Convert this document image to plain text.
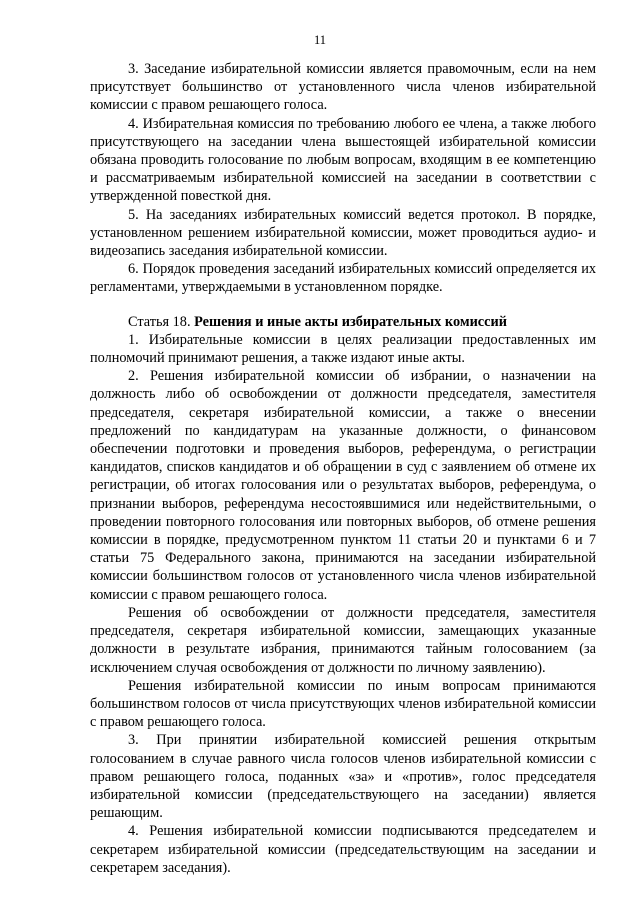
11

3. Заседание избирательной комиссии является правомочным, если на нем присутствует большинство от установленного числа членов избирательной комиссии с правом решающего голоса.

4. Избирательная комиссия по требованию любого ее члена, а также любого присутствующего на заседании члена вышестоящей избирательной комиссии обязана проводить голосование по любым вопросам, входящим в ее компетенцию и рассматриваемым избирательной комиссией на заседании в соответствии с утвержденной повесткой дня.

5. На заседаниях избирательных комиссий ведется протокол. В порядке, установленном решением избирательной комиссии, может проводиться аудио- и видеозапись заседания избирательной комиссии.

6. Порядок проведения заседаний избирательных комиссий определяется их регламентами, утверждаемыми в установленном порядке.

Статья 18. Решения и иные акты избирательных комиссий

1. Избирательные комиссии в целях реализации предоставленных им полномочий принимают решения, а также издают иные акты.

2. Решения избирательной комиссии об избрании, о назначении на должность либо об освобождении от должности председателя, заместителя председателя, секретаря избирательной комиссии, а также о внесении предложений по кандидатурам на указанные должности, о финансовом обеспечении подготовки и проведения выборов, референдума, о регистрации кандидатов, списков кандидатов и об обращении в суд с заявлением об отмене их регистрации, об итогах голосования или о результатах выборов, референдума, о признании выборов, референдума несостоявшимися или недействительными, о проведении повторного голосования или повторных выборов, об отмене решения комиссии в порядке, предусмотренном пунктом 11 статьи 20 и пунктами 6 и 7 статьи 75 Федерального закона, принимаются на заседании избирательной комиссии большинством голосов от установленного числа членов избирательной комиссии с правом решающего голоса.

Решения об освобождении от должности председателя, заместителя председателя, секретаря избирательной комиссии, замещающих указанные должности в результате избрания, принимаются тайным голосованием (за исключением случая освобождения от должности по личному заявлению).

Решения избирательной комиссии по иным вопросам принимаются большинством голосов от числа присутствующих членов избирательной комиссии с правом решающего голоса.

3. При принятии избирательной комиссией решения открытым голосованием в случае равного числа голосов членов избирательной комиссии с правом решающего голоса, поданных «за» и «против», голос председателя избирательной комиссии (председательствующего на заседании) является решающим.

4. Решения избирательной комиссии подписываются председателем и секретарем избирательной комиссии (председательствующим на заседании и секретарем заседания).
